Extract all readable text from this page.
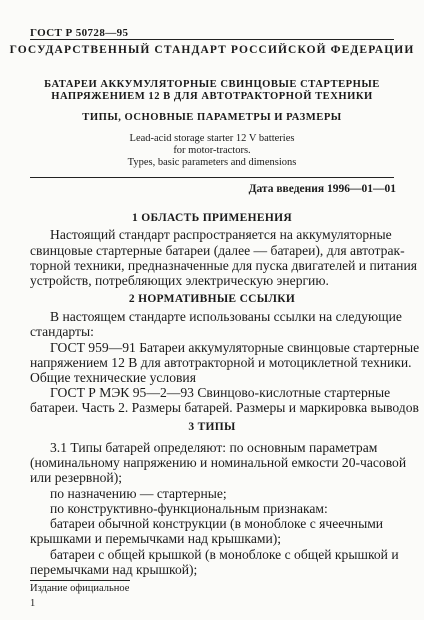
ГОСТ Р 50728—95
ГОСУДАРСТВЕННЫЙ СТАНДАРТ РОССИЙСКОЙ ФЕДЕРАЦИИ
БАТАРЕИ АККУМУЛЯТОРНЫЕ СВИНЦОВЫЕ СТАРТЕРНЫЕ
НАПРЯЖЕНИЕМ 12 В ДЛЯ АВТОТРАКТОРНОЙ ТЕХНИКИ
ТИПЫ, ОСНОВНЫЕ ПАРАМЕТРЫ И РАЗМЕРЫ
Lead-acid storage starter 12 V batteries
for motor-tractors.
Types, basic parameters and dimensions
Дата введения 1996—01—01
1 ОБЛАСТЬ ПРИМЕНЕНИЯ
Настоящий стандарт распространяется на аккумуляторные
свинцовые стартерные батареи (далее — батареи), для автотрак-
торной техники, предназначенные для пуска двигателей и питания
устройств, потребляющих электрическую энергию.
2 НОРМАТИВНЫЕ ССЫЛКИ
В настоящем стандарте использованы ссылки на следующие
стандарты:
ГОСТ 959—91 Батареи аккумуляторные свинцовые стартерные
напряжением 12 В для автотракторной и мотоциклетной техники.
Общие технические условия
ГОСТ Р МЭК 95—2—93 Свинцово-кислотные стартерные
батареи. Часть 2. Размеры батарей. Размеры и маркировка выводов
3 ТИПЫ
3.1 Типы батарей определяют: по основным параметрам
(номинальному напряжению и номинальной емкости 20-часовой
или резервной);
по назначению — стартерные;
по конструктивно-функциональным признакам:
батареи обычной конструкции (в моноблоке с ячеечными
крышками и перемычками над крышками);
батареи с общей крышкой (в моноблоке с общей крышкой и
перемычками над крышкой);
Издание официальное
1
